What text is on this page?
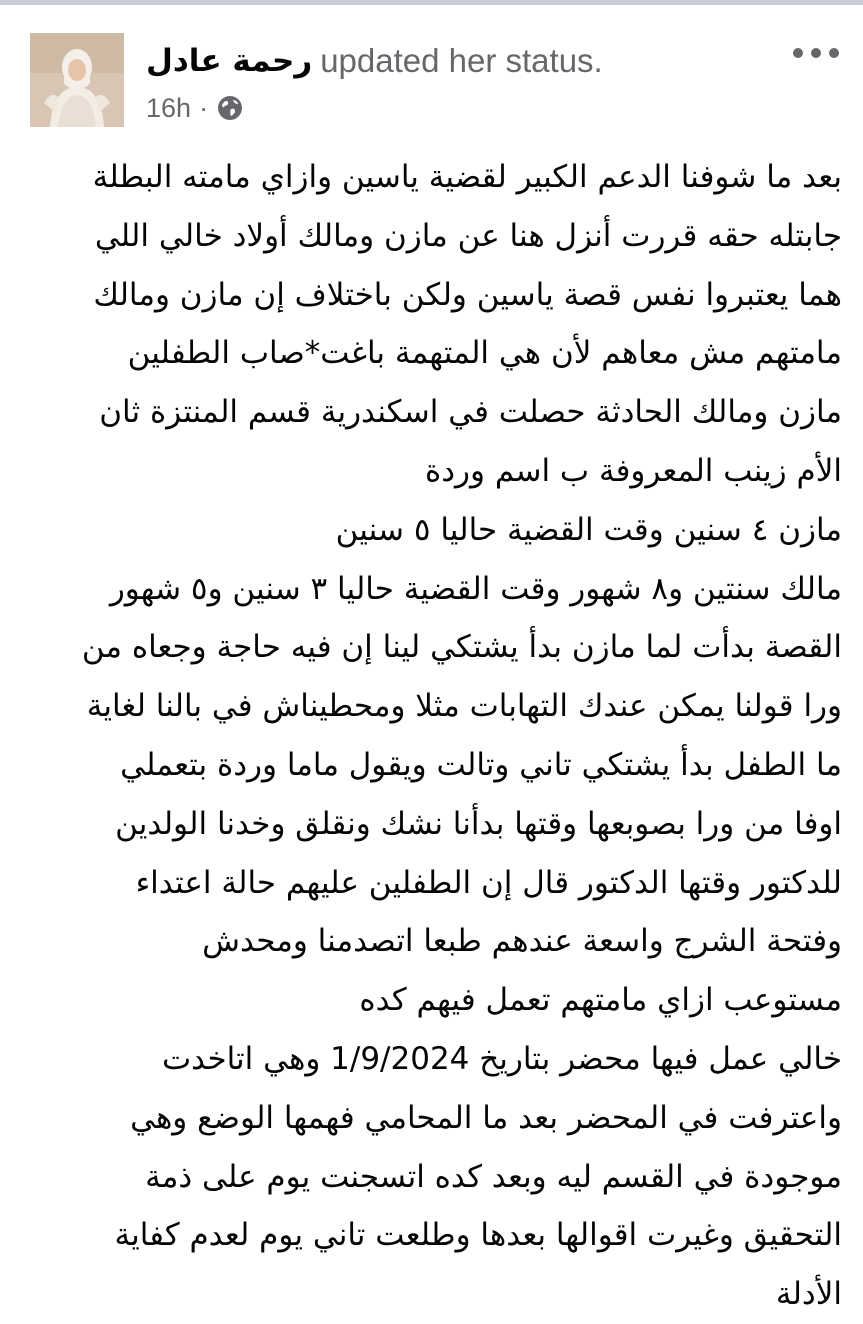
رحمة عادل updated her status.
16h ·
بعد ما شوفنا الدعم الكبير لقضية ياسين وازاي مامته البطلة
جابتله حقه قررت أنزل هنا عن مازن ومالك أولاد خالي اللي
هما يعتبروا نفس قصة ياسين ولكن باختلاف إن مازن ومالك
مامتهم مش معاهم لأن هي المتهمة باغت*صاب الطفلين
مازن ومالك الحادثة حصلت في اسكندرية قسم المنتزة ثان
الأم زينب المعروفة ب اسم وردة
مازن ٤ سنين وقت القضية حاليا ٥ سنين
مالك سنتين و٨ شهور وقت القضية حاليا ٣ سنين و٥ شهور
القصة بدأت لما مازن بدأ يشتكي لينا إن فيه حاجة وجعاه من
ورا قولنا يمكن عندك التهابات مثلا ومحطيناش في بالنا لغاية
ما الطفل بدأ يشتكي تاني وتالت ويقول ماما وردة بتعملي
اوفا من ورا بصوبعها وقتها بدأنا نشك ونقلق وخدنا الولدين
للدكتور وقتها الدكتور قال إن الطفلين عليهم حالة اعتداء
وفتحة الشرج واسعة عندهم طبعا اتصدمنا ومحدش
مستوعب ازاي مامتهم تعمل فيهم كده
خالي عمل فيها محضر بتاريخ 1/9/2024 وهي اتاخدت
واعترفت في المحضر بعد ما المحامي فهمها الوضع وهي
موجودة في القسم ليه وبعد كده اتسجنت يوم على ذمة
التحقيق وغيرت اقوالها بعدها وطلعت تاني يوم لعدم كفاية
الأدلة
